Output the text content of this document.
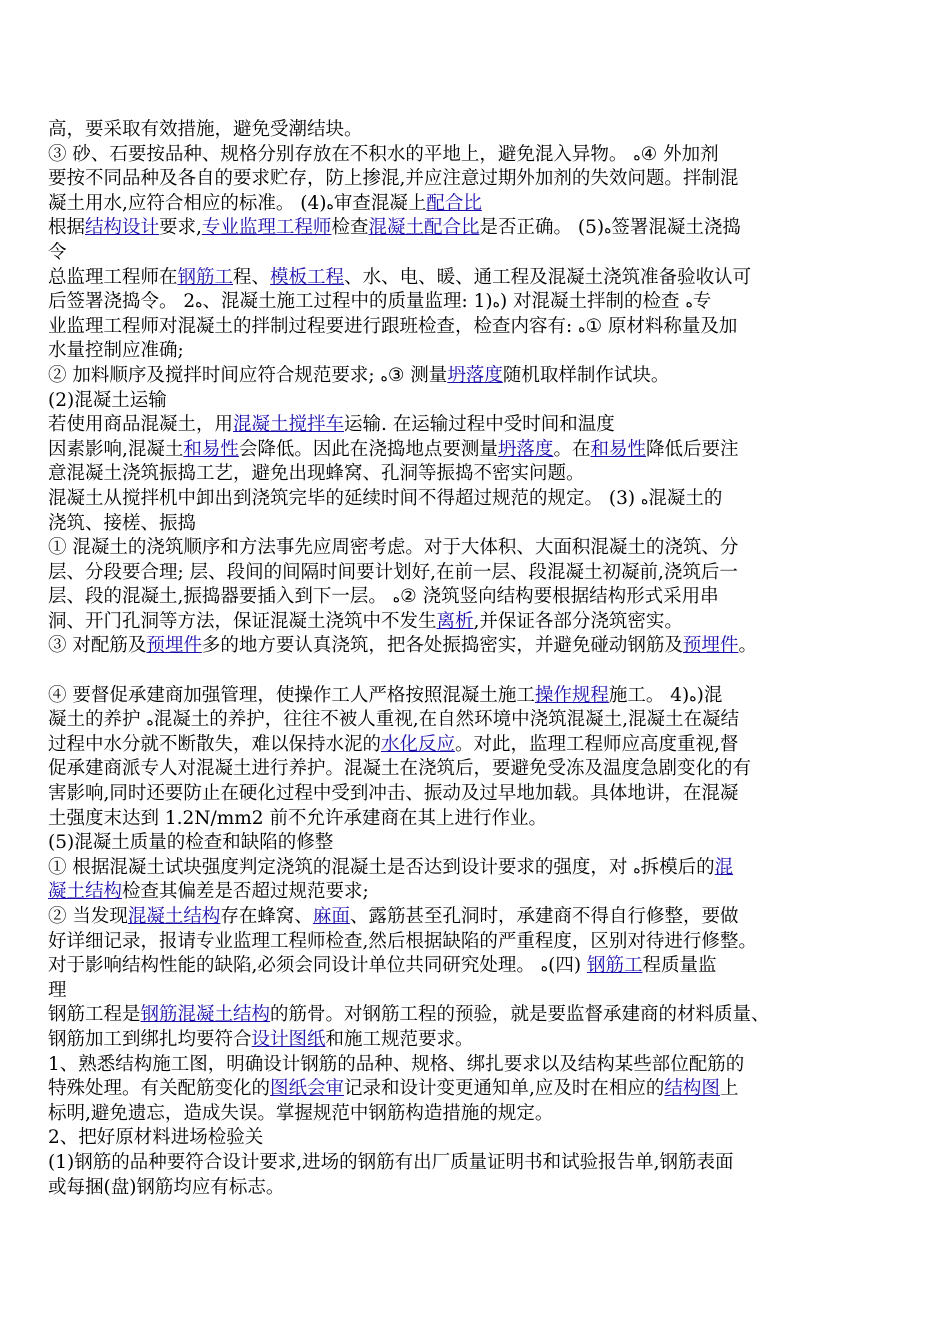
高，要采取有效措施，避免受潮结块。
③ 砂、石要按品种、规格分别存放在不积水的平地上，避免混入异物。 ه④ 外加剂
要按不同品种及各自的要求贮存，防上掺混,并应注意过期外加剂的失效问题。拌制混
凝土用水,应符合相应的标准。 (4)ه审查混凝上配合比
根据结构设计要求,专业监理工程师检查混凝土配合比是否正确。 (5)ه签署混凝土浇捣
令
总监理工程师在钢筋工程、模板工程、水、电、暖、通工程及混凝土浇筑准备验收认可
后签署浇捣令。 2ه、混凝土施工过程中的质量监理: 1)ه) 对混凝土拌制的检查 ه专
业监理工程师对混凝土的拌制过程要进行跟班检查，检查内容有: ه① 原材料称量及加
水量控制应准确;
② 加料顺序及搅拌时间应符合规范要求; ه③ 测量坍落度随机取样制作试块。
(2)混凝土运输
若使用商品混凝土，用混凝土搅拌车运输. 在运输过程中受时间和温度
因素影响,混凝土和易性会降低。因此在浇捣地点要测量坍落度。在和易性降低后要注
意混凝土浇筑振捣工艺，避免出现蜂窝、孔洞等振捣不密实问题。
混凝土从搅拌机中卸出到浇筑完毕的延续时间不得超过规范的规定。 (3) ه混凝土的
浇筑、接槎、振捣
① 混凝土的浇筑顺序和方法事先应周密考虑。对于大体积、大面积混凝土的浇筑、分
层、分段要合理; 层、段间的间隔时间要计划好,在前一层、段混凝土初凝前,浇筑后一
层、段的混凝土,振捣器要插入到下一层。 ه② 浇筑竖向结构要根据结构形式采用串
洞、开门孔洞等方法，保证混凝土浇筑中不发生离析,并保证各部分浇筑密实。
③ 对配筋及预埋件多的地方要认真浇筑，把各处振捣密实，并避免碰动钢筋及预埋件。
④ 要督促承建商加强管理，使操作工人严格按照混凝土施工操作规程施工。 4)ه)混
凝土的养护 ه混凝土的养护，往往不被人重视,在自然环境中浇筑混凝土,混凝土在凝结
过程中水分就不断散失，难以保持水泥的水化反应。对此，监理工程师应高度重视,督
促承建商派专人对混凝土进行养护。混凝土在浇筑后，要避免受冻及温度急剧变化的有
害影响,同时还要防止在硬化过程中受到冲击、振动及过早地加载。具体地讲，在混凝
土强度末达到 1.2N/mm2 前不允许承建商在其上进行作业。
(5)混凝土质量的检查和缺陷的修整
① 根据混凝土试块强度判定浇筑的混凝土是否达到设计要求的强度，对 ه拆模后的混
凝土结构检查其偏差是否超过规范要求;
② 当发现混凝土结构存在蜂窝、麻面、露筋甚至孔洞时，承建商不得自行修整，要做
好详细记录，报请专业监理工程师检查,然后根据缺陷的严重程度，区别对待进行修整。
对于影响结构性能的缺陷,必须会同设计单位共同研究处理。 ه(四) 钢筋工程质量监
理
钢筋工程是钢筋混凝土结构的筋骨。对钢筋工程的预验，就是要监督承建商的材料质量、
钢筋加工到绑扎均要符合设计图纸和施工规范要求。
1、熟悉结构施工图，明确设计钢筋的品种、规格、绑扎要求以及结构某些部位配筋的
特殊处理。有关配筋变化的图纸会审记录和设计变更通知单,应及时在相应的结构图上
标明,避免遗忘，造成失误。掌握规范中钢筋构造措施的规定。
2、把好原材料进场检验关
(1)钢筋的品种要符合设计要求,进场的钢筋有出厂质量证明书和试验报告单,钢筋表面
或每捆(盘)钢筋均应有标志。
